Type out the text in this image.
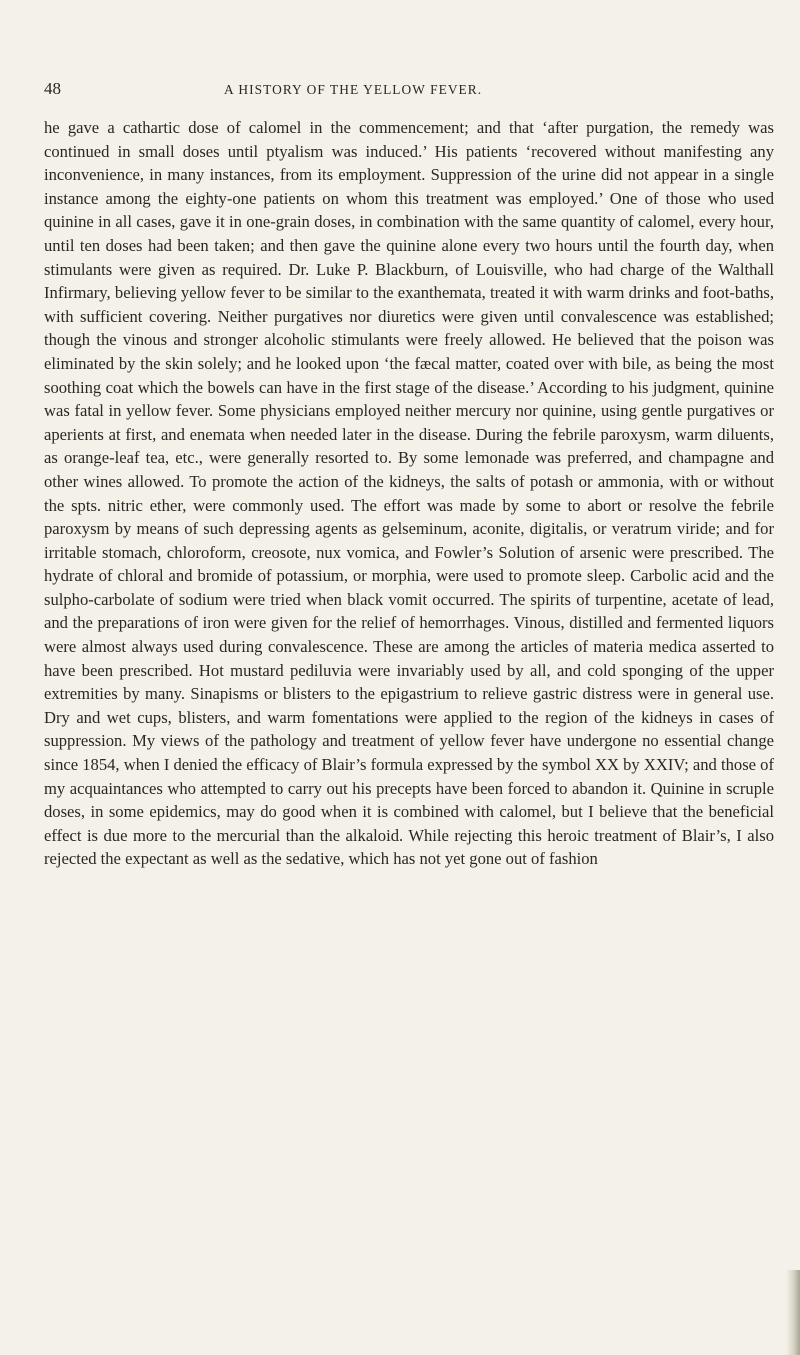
48	A HISTORY OF THE YELLOW FEVER.

he gave a cathartic dose of calomel in the commencement; and that ‘after purgation, the remedy was continued in small doses until ptyalism was induced.’ His patients ‘recovered without manifesting any inconvenience, in many instances, from its employment. Suppression of the urine did not appear in a single instance among the eighty-one patients on whom this treatment was employed.’ One of those who used quinine in all cases, gave it in one-grain doses, in combination with the same quantity of calomel, every hour, until ten doses had been taken; and then gave the quinine alone every two hours until the fourth day, when stimulants were given as required. Dr. Luke P. Blackburn, of Louisville, who had charge of the Walthall Infirmary, believing yellow fever to be similar to the exanthemata, treated it with warm drinks and foot-baths, with sufficient covering. Neither purgatives nor diuretics were given until convalescence was established; though the vinous and stronger alcoholic stimulants were freely allowed. He believed that the poison was eliminated by the skin solely; and he looked upon ‘the fæcal matter, coated over with bile, as being the most soothing coat which the bowels can have in the first stage of the disease.’ According to his judgment, quinine was fatal in yellow fever. Some physicians employed neither mercury nor quinine, using gentle purgatives or aperients at first, and enemata when needed later in the disease. During the febrile paroxysm, warm diluents, as orange-leaf tea, etc., were generally resorted to. By some lemonade was preferred, and champagne and other wines allowed. To promote the action of the kidneys, the salts of potash or ammonia, with or without the spts. nitric ether, were commonly used. The effort was made by some to abort or resolve the febrile paroxysm by means of such depressing agents as gelseminum, aconite, digitalis, or veratrum viride; and for irritable stomach, chloroform, creosote, nux vomica, and Fowler’s Solution of arsenic were prescribed. The hydrate of chloral and bromide of potassium, or morphia, were used to promote sleep. Carbolic acid and the sulpho-carbolate of sodium were tried when black vomit occurred. The spirits of turpentine, acetate of lead, and the preparations of iron were given for the relief of hemorrhages. Vinous, distilled and fermented liquors were almost always used during convalescence. These are among the articles of materia medica asserted to have been prescribed. Hot mustard pediluvia were invariably used by all, and cold sponging of the upper extremities by many. Sinapisms or blisters to the epigastrium to relieve gastric distress were in general use. Dry and wet cups, blisters, and warm fomentations were applied to the region of the kidneys in cases of suppression. My views of the pathology and treatment of yellow fever have undergone no essential change since 1854, when I denied the efficacy of Blair’s formula expressed by the symbol XX by XXIV; and those of my acquaintances who attempted to carry out his precepts have been forced to abandon it. Quinine in scruple doses, in some epidemics, may do good when it is combined with calomel, but I believe that the beneficial effect is due more to the mercurial than the alkaloid. While rejecting this heroic treatment of Blair’s, I also rejected the expectant as well as the sedative, which has not yet gone out of fashion
